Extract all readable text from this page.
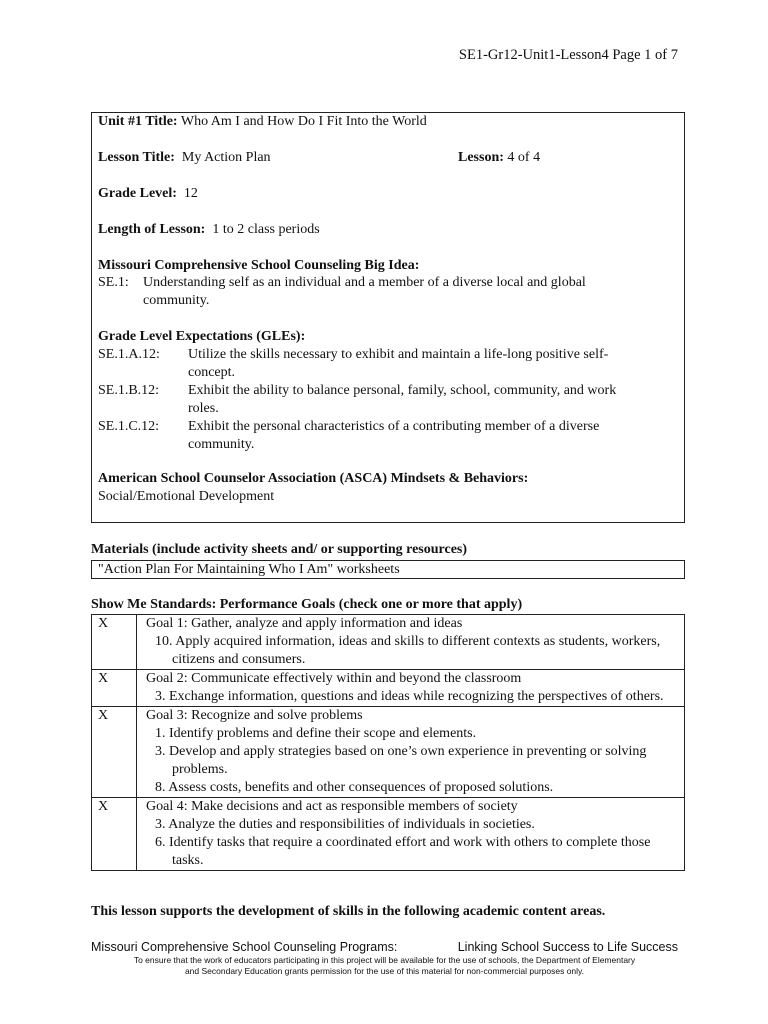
SE1-Gr12-Unit1-Lesson4 Page 1 of 7
Unit #1 Title: Who Am I and How Do I Fit Into the World
Lesson Title: My Action Plan	Lesson: 4 of 4
Grade Level: 12
Length of Lesson: 1 to 2 class periods
Missouri Comprehensive School Counseling Big Idea:
SE.1: Understanding self as an individual and a member of a diverse local and global
community.
Grade Level Expectations (GLEs):
SE.1.A.12: Utilize the skills necessary to exhibit and maintain a life-long positive self-
concept.
SE.1.B.12: Exhibit the ability to balance personal, family, school, community, and work
roles.
SE.1.C.12: Exhibit the personal characteristics of a contributing member of a diverse
community.
American School Counselor Association (ASCA) Mindsets & Behaviors:
Social/Emotional Development
Materials (include activity sheets and/ or supporting resources)
"Action Plan For Maintaining Who I Am" worksheets
Show Me Standards: Performance Goals (check one or more that apply)
X	Goal 1: Gather, analyze and apply information and ideas
10. Apply acquired information, ideas and skills to different contexts as students, workers, citizens and consumers.

X	Goal 2: Communicate effectively within and beyond the classroom
3. Exchange information, questions and ideas while recognizing the perspectives of others.

X	Goal 3: Recognize and solve problems
1. Identify problems and define their scope and elements.
3. Develop and apply strategies based on one’s own experience in preventing or solving problems.
8. Assess costs, benefits and other consequences of proposed solutions.

X	Goal 4: Make decisions and act as responsible members of society
3. Analyze the duties and responsibilities of individuals in societies.
6. Identify tasks that require a coordinated effort and work with others to complete those tasks.
This lesson supports the development of skills in the following academic content areas.
Missouri Comprehensive School Counseling Programs:	Linking School Success to Life Success
To ensure that the work of educators participating in this project will be available for the use of schools, the Department of Elementary
and Secondary Education grants permission for the use of this material for non-commercial purposes only.
